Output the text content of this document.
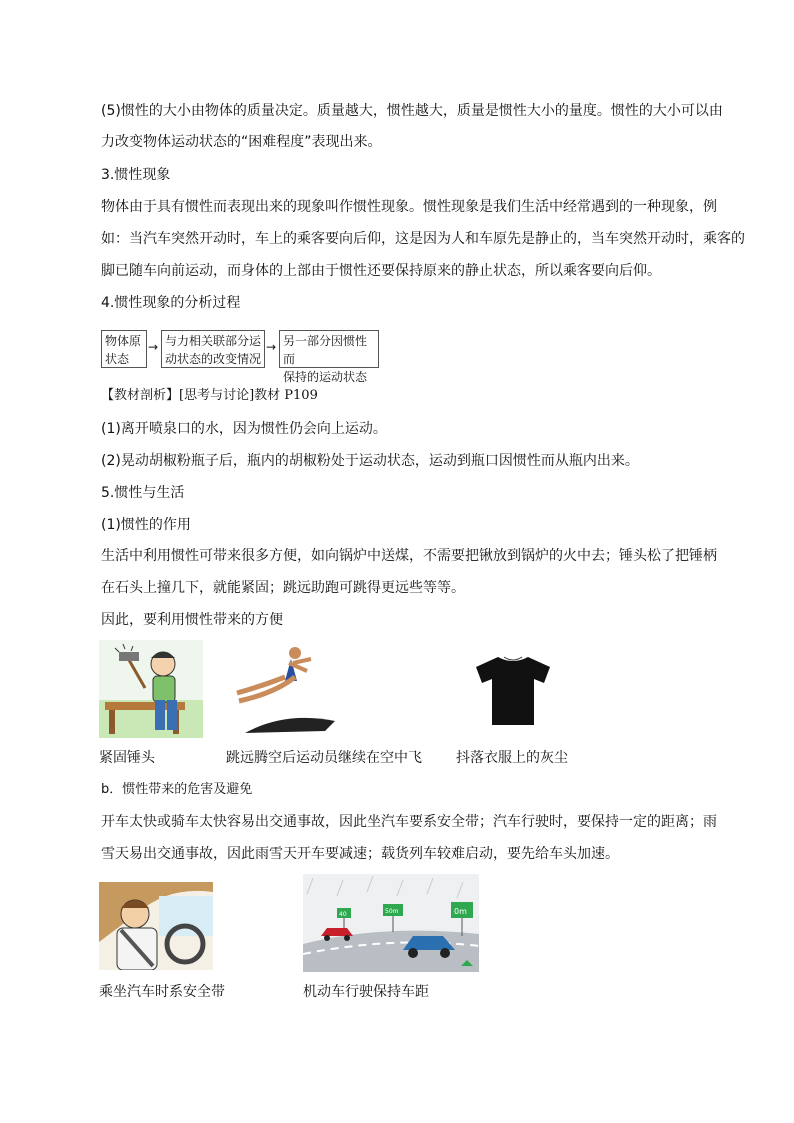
(5)惯性的大小由物体的质量决定。质量越大，惯性越大，质量是惯性大小的量度。惯性的大小可以由
力改变物体运动状态的“困难程度”表现出来。
3.惯性现象
物体由于具有惯性而表现出来的现象叫作惯性现象。惯性现象是我们生活中经常遇到的一种现象，例
如：当汽车突然开动时，车上的乘客要向后仰，这是因为人和车原先是静止的，当车突然开动时，乘客的
脚已随车向前运动，而身体的上部由于惯性还要保持原来的静止状态，所以乘客要向后仰。
4.惯性现象的分析过程
物体原
状态
→ 与力相关联部分运
动状态的改变情况
→ 另一部分因惯性而
保持的运动状态
【教材剖析】[思考与讨论]教材 P109
(1)离开喷泉口的水，因为惯性仍会向上运动。
(2)晃动胡椒粉瓶子后，瓶内的胡椒粉处于运动状态，运动到瓶口因惯性而从瓶内出来。
5.惯性与生活
(1)惯性的作用
生活中利用惯性可带来很多方便，如向锅炉中送煤，不需要把锹放到锅炉的火中去；锤头松了把锤柄
在石头上撞几下，就能紧固；跳远助跑可跳得更远些等等。
因此，要利用惯性带来的方便
紧固锤头	跳远腾空后运动员继续在空中飞 抖落衣服上的灰尘
b．惯性带来的危害及避免
开车太快或骑车太快容易出交通事故，因此坐汽车要系安全带；汽车行驶时，要保持一定的距离；雨
雪天易出交通事故，因此雨雪天开车要减速；载货列车较难启动，要先给车头加速。
40	50m	0m
乘坐汽车时系安全带	机动车行驶保持车距
